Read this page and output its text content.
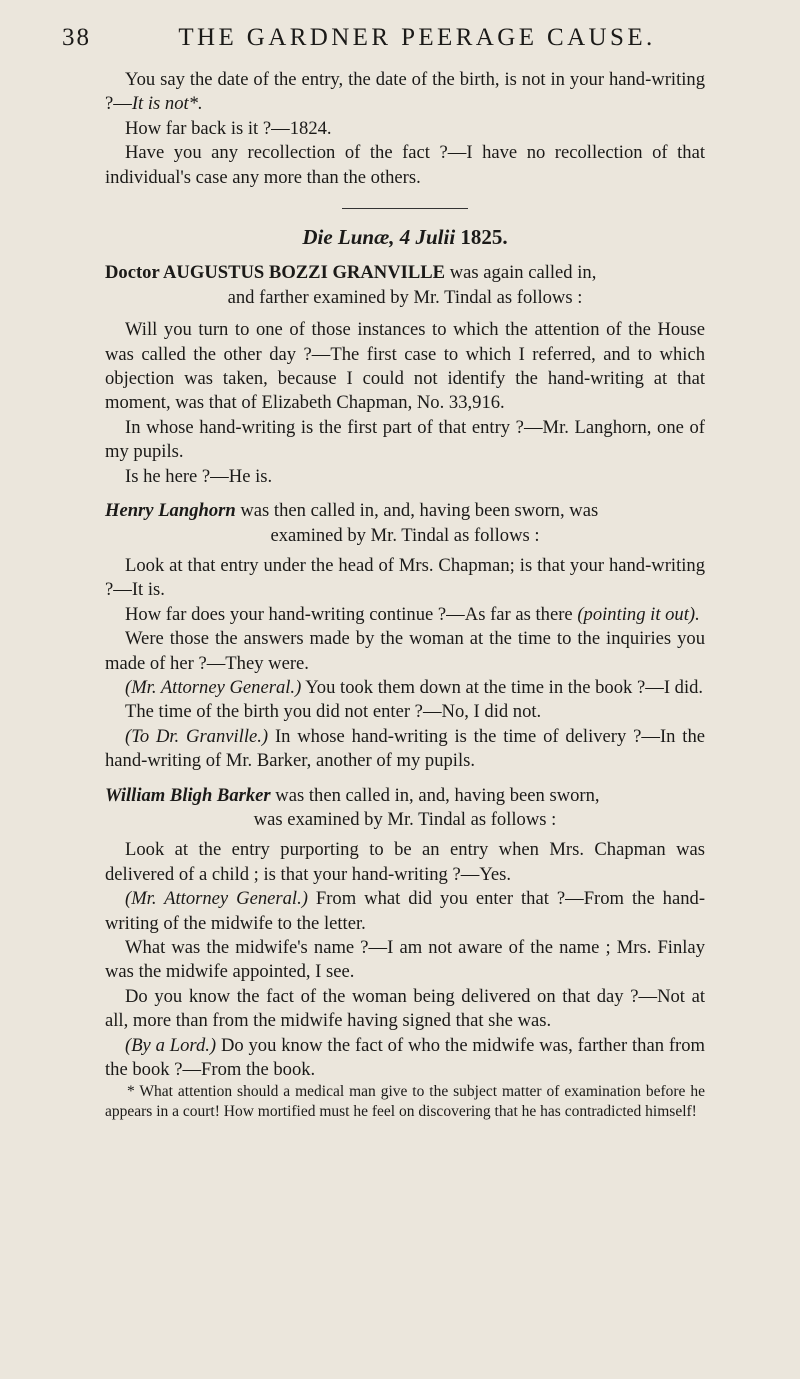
38	THE GARDNER PEERAGE CAUSE.

You say the date of the entry, the date of the birth, is not in your hand-writing ?—It is not*.

How far back is it ?—1824.

Have you any recollection of the fact ?—I have no recollection of that individual's case any more than the others.

Die Lunæ, 4 Julii 1825.

Doctor AUGUSTUS BOZZI GRANVILLE was again called in,

and farther examined by Mr. Tindal as follows :

Will you turn to one of those instances to which the attention of the House was called the other day ?—The first case to which I referred, and to which objection was taken, because I could not identify the hand-writing at that moment, was that of Elizabeth Chapman, No. 33,916.

In whose hand-writing is the first part of that entry ?—Mr. Langhorn, one of my pupils.

Is he here ?—He is.

Henry Langhorn was then called in, and, having been sworn, was

examined by Mr. Tindal as follows :

Look at that entry under the head of Mrs. Chapman; is that your hand-writing ?—It is.

How far does your hand-writing continue ?—As far as there (pointing it out).

Were those the answers made by the woman at the time to the inquiries you made of her ?—They were.

(Mr. Attorney General.) You took them down at the time in the book ?—I did.

The time of the birth you did not enter ?—No, I did not.

(To Dr. Granville.) In whose hand-writing is the time of delivery ?—In the hand-writing of Mr. Barker, another of my pupils.

William Bligh Barker was then called in, and, having been sworn,

was examined by Mr. Tindal as follows :

Look at the entry purporting to be an entry when Mrs. Chapman was delivered of a child ; is that your hand-writing ?—Yes.

(Mr. Attorney General.) From what did you enter that ?—From the hand-writing of the midwife to the letter.

What was the midwife's name ?—I am not aware of the name ; Mrs. Finlay was the midwife appointed, I see.

Do you know the fact of the woman being delivered on that day ?—Not at all, more than from the midwife having signed that she was.

(By a Lord.) Do you know the fact of who the midwife was, farther than from the book ?—From the book.

* What attention should a medical man give to the subject matter of examination before he appears in a court! How mortified must he feel on discovering that he has contradicted himself!
